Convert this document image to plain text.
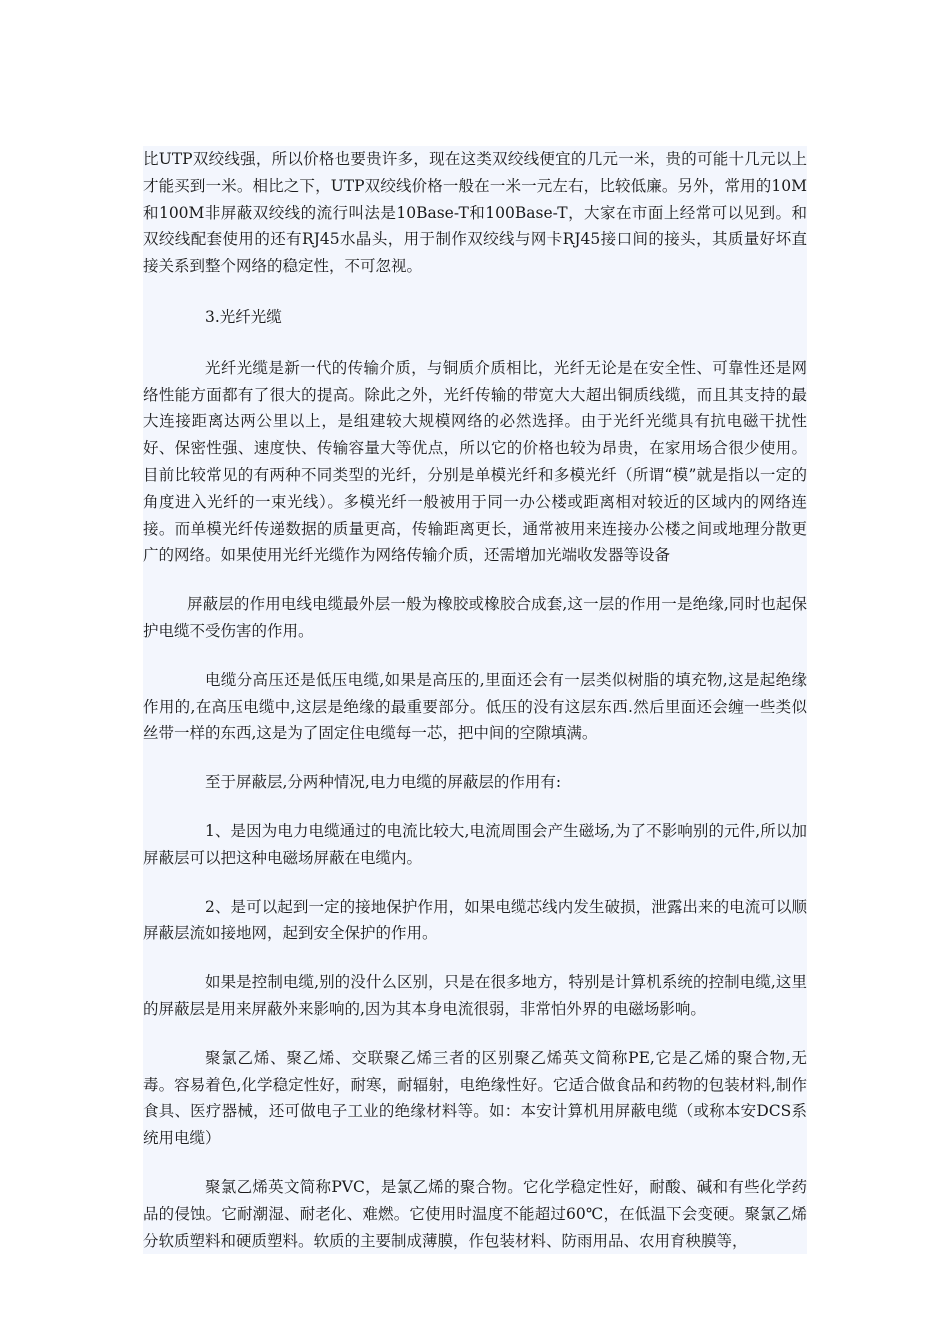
比UTP双绞线强，所以价格也要贵许多，现在这类双绞线便宜的几元一米，贵的可能十几元以上才能买到一米。相比之下，UTP双绞线价格一般在一米一元左右，比较低廉。另外，常用的10M和100M非屏蔽双绞线的流行叫法是10Base-T和100Base-T，大家在市面上经常可以见到。和双绞线配套使用的还有RJ45水晶头，用于制作双绞线与网卡RJ45接口间的接头，其质量好坏直接关系到整个网络的稳定性，不可忽视。

3.光纤光缆

光纤光缆是新一代的传输介质，与铜质介质相比，光纤无论是在安全性、可靠性还是网络性能方面都有了很大的提高。除此之外，光纤传输的带宽大大超出铜质线缆，而且其支持的最大连接距离达两公里以上，是组建较大规模网络的必然选择。由于光纤光缆具有抗电磁干扰性好、保密性强、速度快、传输容量大等优点，所以它的价格也较为昂贵，在家用场合很少使用。目前比较常见的有两种不同类型的光纤，分别是单模光纤和多模光纤（所谓“模”就是指以一定的角度进入光纤的一束光线）。多模光纤一般被用于同一办公楼或距离相对较近的区域内的网络连接。而单模光纤传递数据的质量更高，传输距离更长，通常被用来连接办公楼之间或地理分散更广的网络。如果使用光纤光缆作为网络传输介质，还需增加光端收发器等设备

屏蔽层的作用电线电缆最外层一般为橡胶或橡胶合成套,这一层的作用一是绝缘,同时也起保护电缆不受伤害的作用。

电缆分高压还是低压电缆,如果是高压的,里面还会有一层类似树脂的填充物,这是起绝缘作用的,在高压电缆中,这层是绝缘的最重要部分。低压的没有这层东西.然后里面还会缠一些类似丝带一样的东西,这是为了固定住电缆每一芯，把中间的空隙填满。

至于屏蔽层,分两种情况,电力电缆的屏蔽层的作用有:

1、是因为电力电缆通过的电流比较大,电流周围会产生磁场,为了不影响别的元件,所以加屏蔽层可以把这种电磁场屏蔽在电缆内。

2、是可以起到一定的接地保护作用，如果电缆芯线内发生破损，泄露出来的电流可以顺屏蔽层流如接地网，起到安全保护的作用。

如果是控制电缆,别的没什么区别，只是在很多地方，特别是计算机系统的控制电缆,这里的屏蔽层是用来屏蔽外来影响的,因为其本身电流很弱，非常怕外界的电磁场影响。

聚氯乙烯、聚乙烯、交联聚乙烯三者的区别聚乙烯英文简称PE,它是乙烯的聚合物,无毒。容易着色,化学稳定性好，耐寒，耐辐射，电绝缘性好。它适合做食品和药物的包装材料,制作食具、医疗器械，还可做电子工业的绝缘材料等。如：本安计算机用屏蔽电缆（或称本安DCS系统用电缆）

聚氯乙烯英文简称PVC，是氯乙烯的聚合物。它化学稳定性好，耐酸、碱和有些化学药品的侵蚀。它耐潮湿、耐老化、难燃。它使用时温度不能超过60℃，在低温下会变硬。聚氯乙烯分软质塑料和硬质塑料。软质的主要制成薄膜，作包装材料、防雨用品、农用育秧膜等，
